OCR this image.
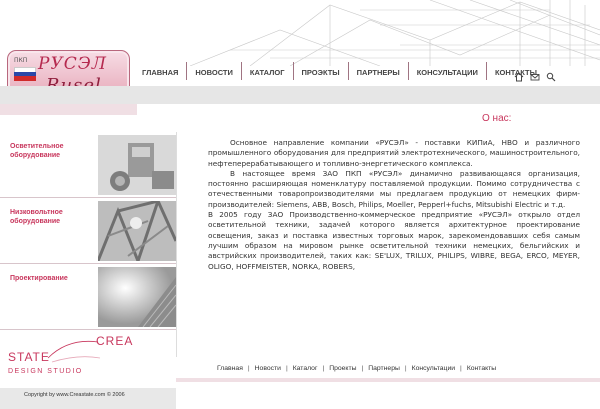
ПКП РУСЭЛ	ГЛАВНАЯ	НОВОСТИ	КАТАЛОГ	ПРОЭКТЫ	ПАРТНЕРЫ	КОНСУЛЬТАЦИИ	КОНТАКТЫ
О нас:
Осветительное оборудование
Низковольтное оборудование
Проектирование

Основное направление компании «РУСЭЛ» - поставки КИПиА, НВО и различного промышленного оборудования для предприятий электротехнического, машиностроительного, нефтеперерабатывающего и топливно-энергетического комплекса.

В настоящее время ЗАО ПКП «РУСЭЛ» динамично развивающаяся организация, постоянно расширяющая номенклатуру поставляемой продукции. Помимо сотрудничества с отечественными товаропроизводителями мы предлагаем продукцию от немецких фирм-производителей: Siemens, ABB, Bosch, Philips, Moeller, Pepperl+fuchs, Mitsubishi Electric и т.д.

В 2005 году ЗАО Производственно-коммерческое предприятие «РУСЭЛ» открыло отдел осветительной техники, задачей которого является архитектурное проектирование освещения, заказ и поставка известных торговых марок, зарекомендовавших себя самым лучшим образом на мировом рынке осветительной техники немецких, бельгийских и австрийских производителей, таких как: SE'LUX, TRILUX, PHILIPS, WIBRE, BEGA, ERCO, MEYER, OLIGO, HOFFMEISTER, NORKA, ROBERS,

CREA
STATE
DESIGN STUDIO
Copyright by www.Creastate.com © 2006
Главная | Новости | Каталог | Проекты | Партнеры | Консультации | Контакты
